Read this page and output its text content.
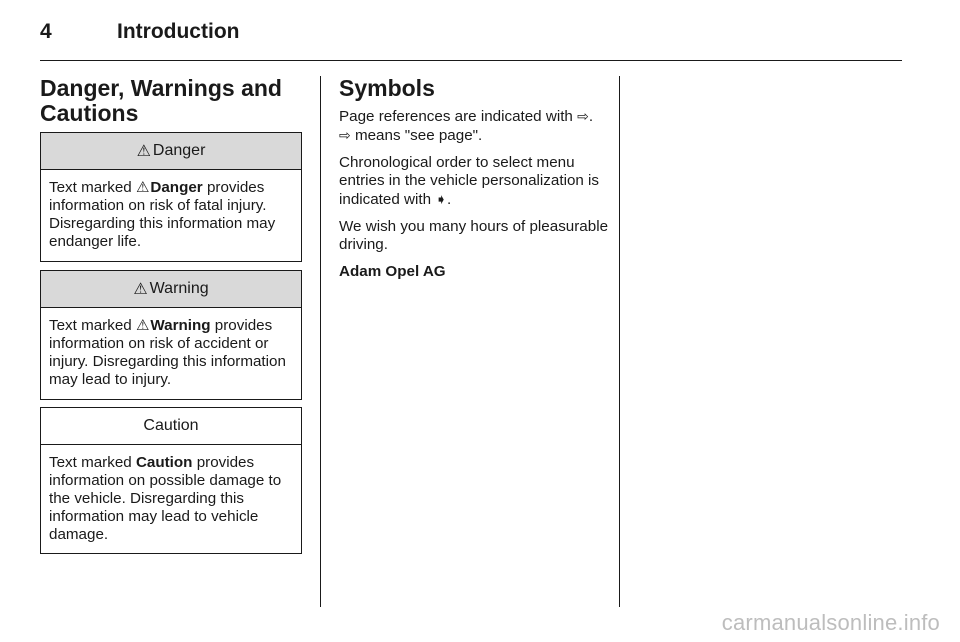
4	Introduction
Danger, Warnings and
Cautions
⚠ Danger
Text marked ⚠Danger provides information on risk of fatal injury. Disregarding this information may endanger life.
⚠ Warning
Text marked ⚠Warning provides information on risk of accident or injury. Disregarding this information may lead to injury.
Caution
Text marked Caution provides information on possible damage to the vehicle. Disregarding this information may lead to vehicle damage.
Symbols

Page references are indicated with ⇨.
⇨ means "see page".

Chronological order to select menu entries in the vehicle personalization is indicated with ➧.

We wish you many hours of pleasurable driving.

Adam Opel AG

carmanualsonline.info
